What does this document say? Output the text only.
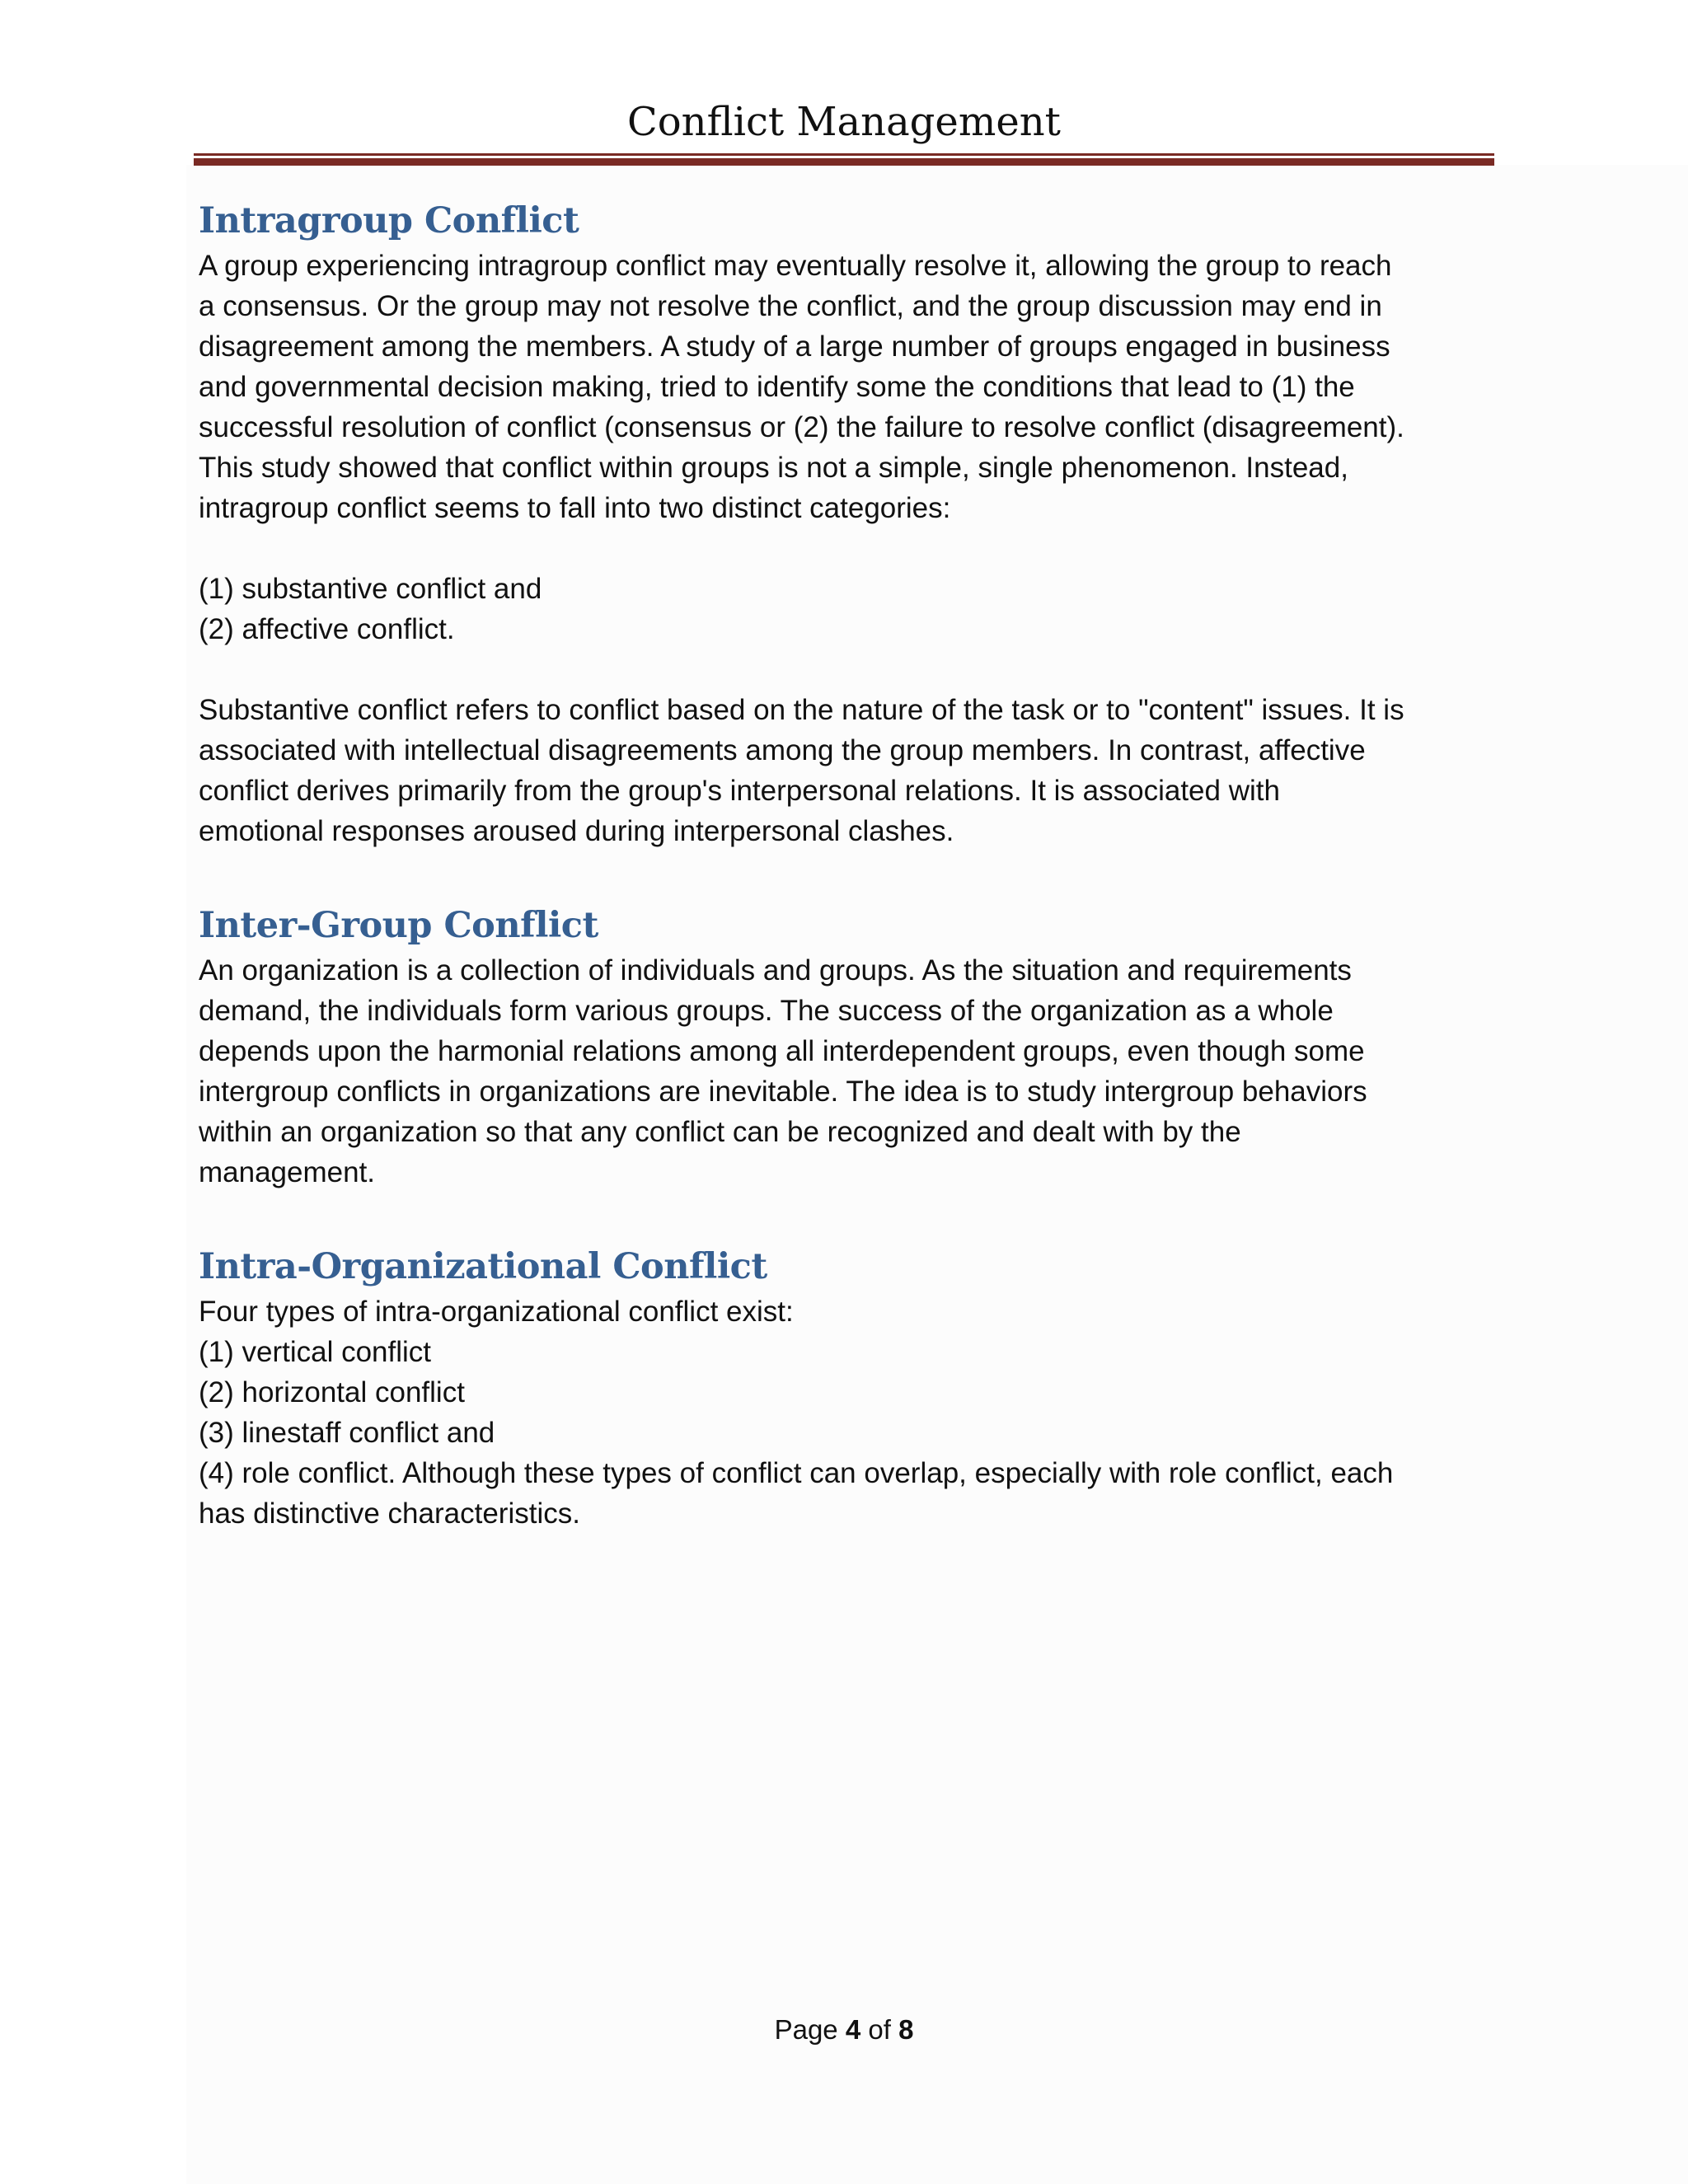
Conflict Management
Intragroup Conflict

A group experiencing intragroup conflict may eventually resolve it, allowing the group to reach

a consensus. Or the group may not resolve the conflict, and the group discussion may end in

disagreement among the members. A study of a large number of groups engaged in business

and governmental decision making, tried to identify some the conditions that lead to (1) the

successful resolution of conflict (consensus or (2) the failure to resolve conflict (disagreement).

This study showed that conflict within groups is not a simple, single phenomenon. Instead,

intragroup conflict seems to fall into two distinct categories:

(1) substantive conflict and

(2) affective conflict.

Substantive conflict refers to conflict based on the nature of the task or to "content" issues. It is

associated with intellectual disagreements among the group members. In contrast, affective

conflict derives primarily from the group's interpersonal relations. It is associated with

emotional responses aroused during interpersonal clashes.

Inter-Group Conflict

An organization is a collection of individuals and groups. As the situation and requirements

demand, the individuals form various groups. The success of the organization as a whole

depends upon the harmonial relations among all interdependent groups, even though some

intergroup conflicts in organizations are inevitable. The idea is to study intergroup behaviors

within an organization so that any conflict can be recognized and dealt with by the

management.

Intra-Organizational Conflict

Four types of intra-organizational conflict exist:

(1) vertical conflict

(2) horizontal conflict

(3) linestaff conflict and

(4) role conflict. Although these types of conflict can overlap, especially with role conflict, each

has distinctive characteristics.

Page 4 of 8
